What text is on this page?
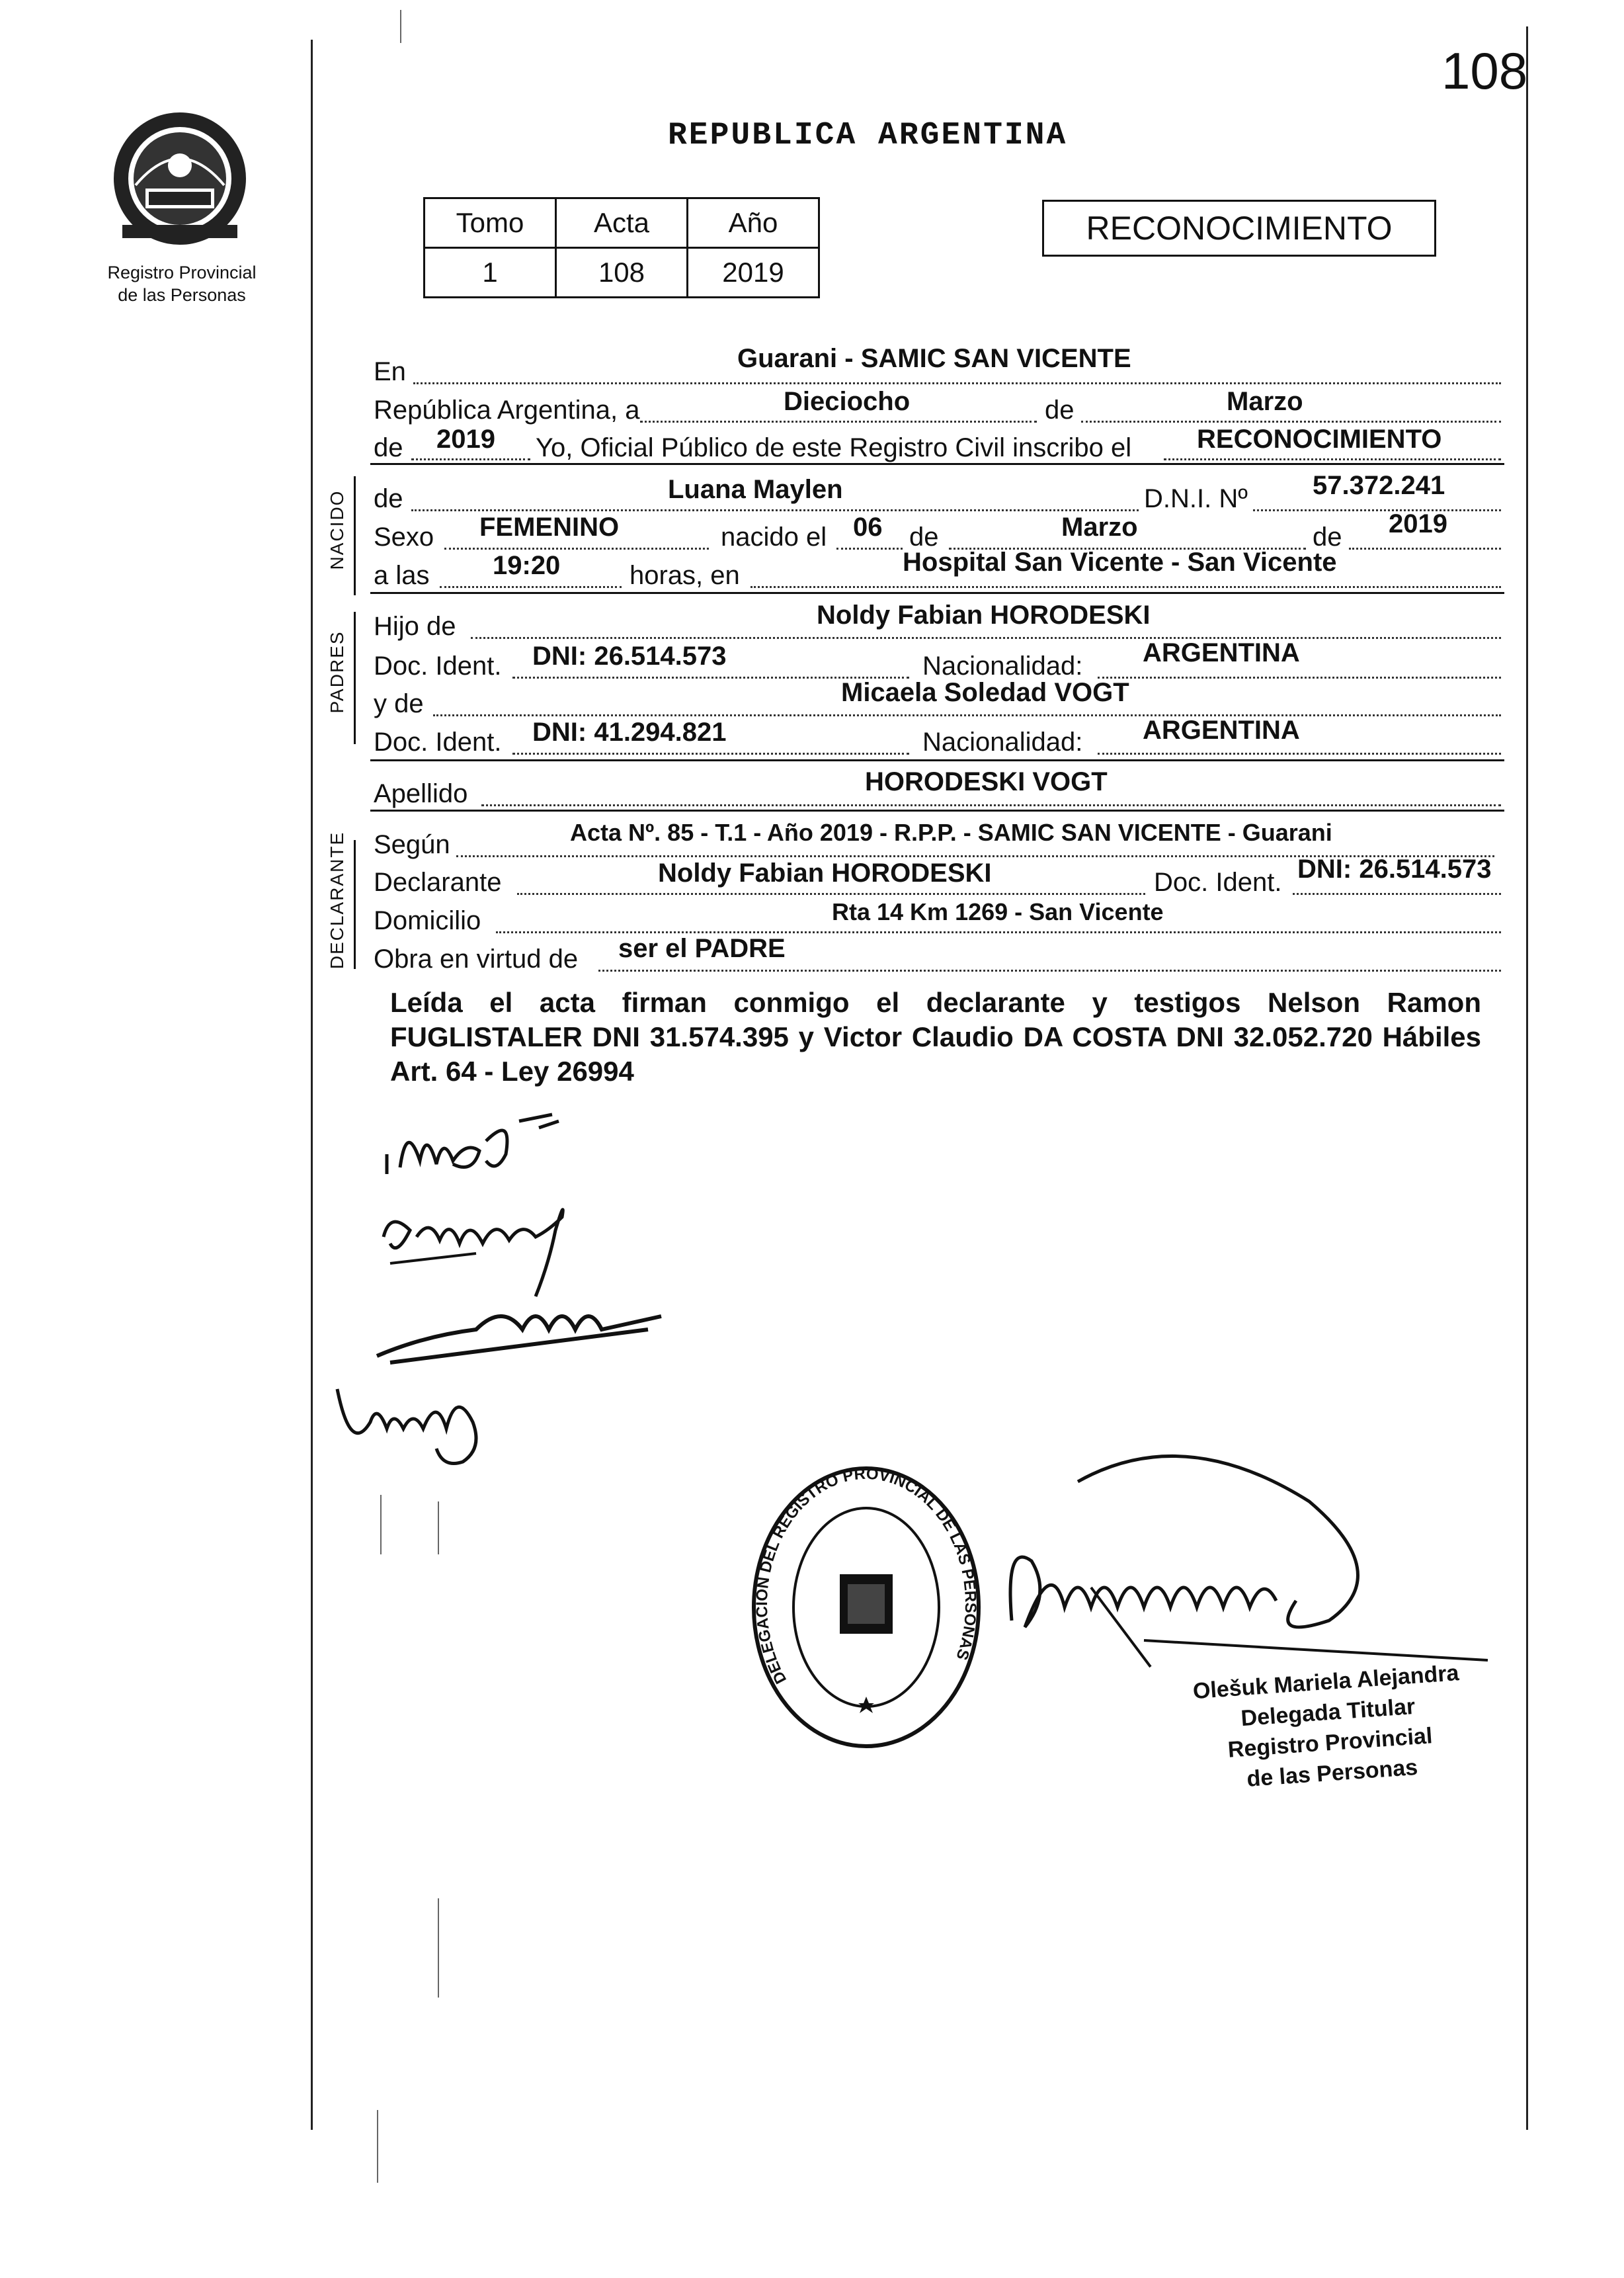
108
Registro Provincial
de las Personas
REPUBLICA ARGENTINA
Tomo	Acta	Año
1	108	2019
RECONOCIMIENTO
En	Guarani - SAMIC SAN VICENTE
República Argentina, a	Dieciocho	de	Marzo
de 2019 Yo, Oficial Público de este Registro Civil inscribo el RECONOCIMIENTO
NACIDO de	Luana Maylen	D.N.I. Nº 57.372.241
Sexo FEMENINO	nacido el 06 de	Marzo	de 2019
a las 19:20	horas, en	Hospital San Vicente - San Vicente
PADRES
Hijo de	Noldy Fabian HORODESKI
Doc. Ident. DNI: 26.514.573	Nacionalidad: ARGENTINA
y de	Micaela Soledad VOGT
Doc. Ident. DNI: 41.294.821	Nacionalidad: ARGENTINA
Apellido	HORODESKI VOGT
DECLARANTE Según	Acta Nº. 85 - T.1 - Año 2019 - R.P.P. - SAMIC SAN VICENTE - Guarani
Declarante	Noldy Fabian HORODESKI	Doc. Ident. DNI: 26.514.573
Domicilio	Rta 14 Km 1269 - San Vicente
Obra en virtud de ser el PADRE
Leída el acta firman conmigo el declarante y testigos Nelson Ramon FUGLISTALER DNI 31.574.395 y Victor Claudio DA COSTA DNI 32.052.720 Hábiles Art. 64 - Ley 26994
DELEGACION DEL REGISTRO PROVINCIAL DE LAS PERSONAS
Olešuk Mariela Alejandra
Delegada Titular
Registro Provincial
de las Personas
